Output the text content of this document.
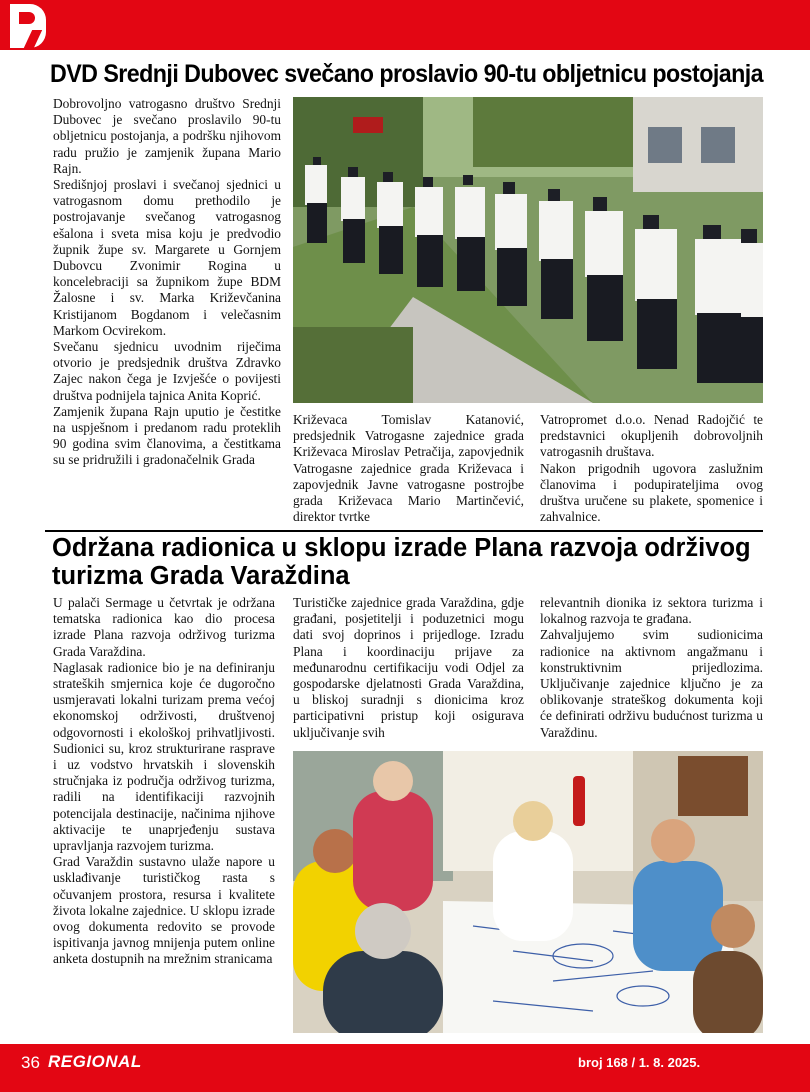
DVD Srednji Dubovec svečano proslavio 90-tu obljetnicu postojanja

Dobrovoljno vatrogasno društvo Srednji Dubovec je svečano proslavilo 90-tu obljetnicu postojanja, a podršku njihovom radu pružio je zamjenik župana Mario Rajn.

Središnjoj proslavi i svečanoj sjednici u vatrogasnom domu prethodilo je postrojavanje svečanog vatrogasnog ešalona i sveta misa koju je predvodio župnik župe sv. Margarete u Gornjem Dubovcu Zvonimir Rogina u koncelebraciji sa župnikom župe BDM Žalosne i sv. Marka Križevčanina Kristijanom Bogdanom i velečasnim Markom Ocvirekom.

Svečanu sjednicu uvodnim riječima otvorio je predsjednik društva Zdravko Zajec nakon čega je Izvješće o povijesti društva podnijela tajnica Anita Koprić.

Zamjenik župana Rajn uputio je čestitke na uspješnom i predanom radu proteklih 90 godina svim članovima, a čestitkama su se pridružili i gradonačelnik Grada

Križevaca Tomislav Katanović, predsjednik Vatrogasne zajednice grada Križevaca Miroslav Petračija, zapovjednik Vatrogasne zajednice grada Križevaca i zapovjednik Javne vatrogasne postrojbe grada Križevaca Mario Martinčević, direktor tvrtke

Vatropromet d.o.o. Nenad Radojčić te predstavnici okupljenih dobrovoljnih vatrogasnih društava.

Nakon prigodnih ugovora zaslužnim članovima i podupirateljima ovog društva uručene su plakete, spomenice i zahvalnice.

Održana radionica u sklopu izrade Plana razvoja održivog turizma Grada Varaždina

U palači Sermage u četvrtak je održana tematska radionica kao dio procesa izrade Plana razvoja održivog turizma Grada Varaždina.

Naglasak radionice bio je na definiranju strateških smjernica koje će dugoročno usmjeravati lokalni turizam prema većoj ekonomskoj održivosti, društvenoj odgovornosti i ekološkoj prihvatljivosti. Sudionici su, kroz strukturirane rasprave i uz vodstvo hrvatskih i slovenskih stručnjaka iz područja održivog turizma, radili na identifikaciji razvojnih potencijala destinacije, načinima njihove aktivacije te unaprjeđenju sustava upravljanja razvojem turizma.

Grad Varaždin sustavno ulaže napore u usklađivanje turističkog rasta s očuvanjem prostora, resursa i kvalitete života lokalne zajednice. U sklopu izrade ovog dokumenta redovito se provode ispitivanja javnog mnijenja putem online anketa dostupnih na mrežnim stranicama

Turističke zajednice grada Varaždina, gdje građani, posjetitelji i poduzetnici mogu dati svoj doprinos i prijedloge. Izradu Plana i koordinaciju prijave za međunarodnu certifikaciju vodi Odjel za gospodarske djelatnosti Grada Varaždina, u bliskoj suradnji s dionicima kroz participativni pristup koji osigurava uključivanje svih

relevantnih dionika iz sektora turizma i lokalnog razvoja te građana.

Zahvaljujemo svim sudionicima radionice na aktivnom angažmanu i konstruktivnim prijedlozima. Uključivanje zajednice ključno je za oblikovanje strateškog dokumenta koji će definirati održivu budućnost turizma u Varaždinu.

36 REGIONAL	broj 168 / 1. 8. 2025.
